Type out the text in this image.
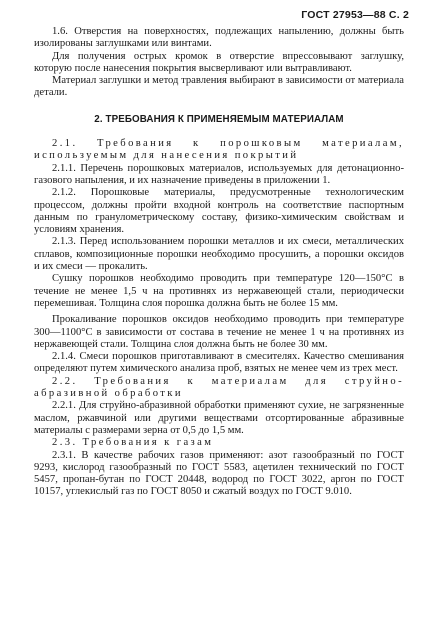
ГОСТ 27953—88 С. 2

1.6. Отверстия на поверхностях, подлежащих напылению, должны быть изолированы заглушками или винтами.

Для получения острых кромок в отверстие впрессовывают заглушку, которую после нанесения покрытия высверливают или вытравливают.

Материал заглушки и метод травления выбирают в зависимости от материала детали.

2. ТРЕБОВАНИЯ К ПРИМЕНЯЕМЫМ МАТЕРИАЛАМ

2.1. Требования к порошковым материалам, используемым для нанесения покрытий

2.1.1. Перечень порошковых материалов, используемых для детонационно-газового напыления, и их назначение приведены в приложении 1.

2.1.2. Порошковые материалы, предусмотренные технологическим процессом, должны пройти входной контроль на соответствие паспортным данным по гранулометрическому составу, физико-химическим свойствам и условиям хранения.

2.1.3. Перед использованием порошки металлов и их смеси, металлических сплавов, композиционные порошки необходимо просушить, а порошки оксидов и их смеси — прокалить.

Сушку порошков необходимо проводить при температуре 120—150°С в течение не менее 1,5 ч на противнях из нержавеющей стали, периодически перемешивая. Толщина слоя порошка должна быть не более 15 мм.

Прокаливание порошков оксидов необходимо проводить при температуре 300—1100°С в зависимости от состава в течение не менее 1 ч на противнях из нержавеющей стали. Толщина слоя должна быть не более 30 мм.

2.1.4. Смеси порошков приготавливают в смесителях. Качество смешивания определяют путем химического анализа проб, взятых не менее чем из трех мест.

2.2. Требования к материалам для струйно-абразивной обработки

2.2.1. Для струйно-абразивной обработки применяют сухие, не загрязненные маслом, ржавчиной или другими веществами отсортированные абразивные материалы с размерами зерна от 0,5 до 1,5 мм.

2.3. Требования к газам

2.3.1. В качестве рабочих газов применяют: азот газообразный по ГОСТ 9293, кислород газообразный по ГОСТ 5583, ацетилен технический по ГОСТ 5457, пропан-бутан по ГОСТ 20448, водород по ГОСТ 3022, аргон по ГОСТ 10157, углекислый газ по ГОСТ 8050 и сжатый воздух по ГОСТ 9.010.
